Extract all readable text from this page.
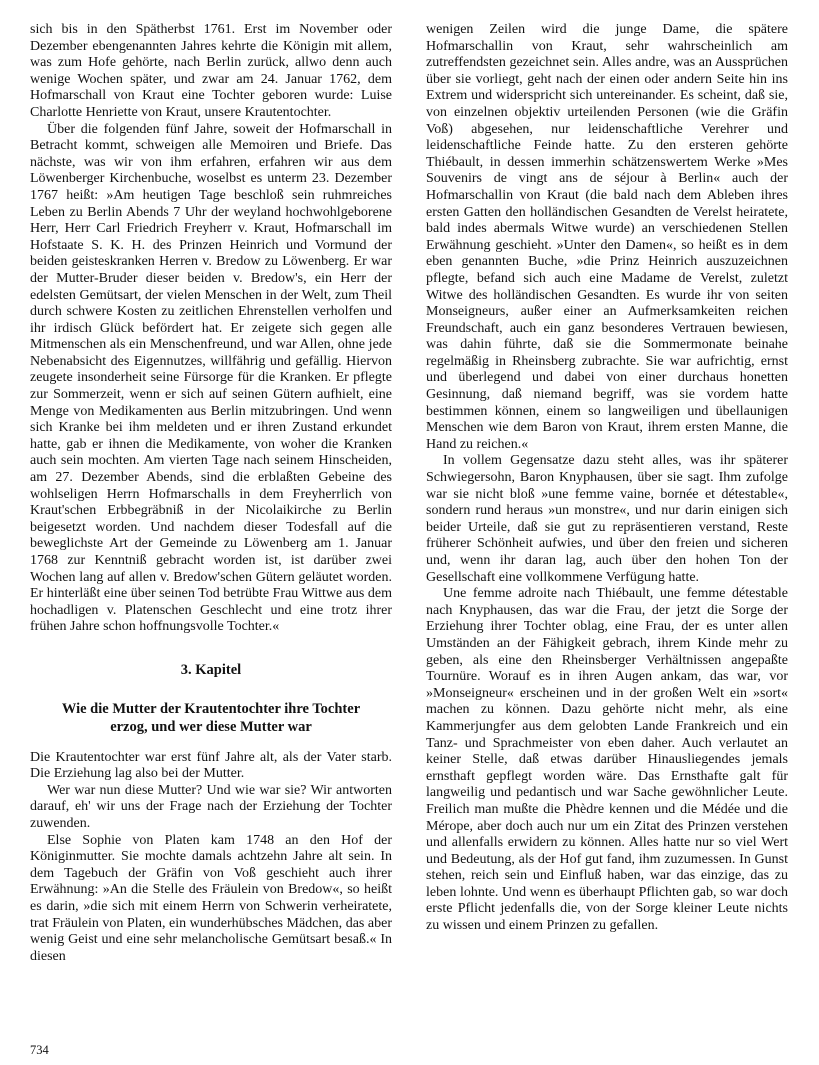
sich bis in den Spätherbst 1761. Erst im November oder Dezember ebengenannten Jahres kehrte die Königin mit allem, was zum Hofe gehörte, nach Berlin zurück, allwo denn auch wenige Wochen später, und zwar am 24. Januar 1762, dem Hofmarschall von Kraut eine Tochter geboren wurde: Luise Charlotte Henriette von Kraut, unsere Krautentochter.

Über die folgenden fünf Jahre, soweit der Hofmarschall in Betracht kommt, schweigen alle Memoiren und Briefe. Das nächste, was wir von ihm erfahren, erfahren wir aus dem Löwenberger Kirchenbuche, woselbst es unterm 23. Dezember 1767 heißt: »Am heutigen Tage beschloß sein ruhmreiches Leben zu Berlin Abends 7 Uhr der weyland hochwohlgeborene Herr, Herr Carl Friedrich Freyherr v. Kraut, Hofmarschall im Hofstaate S. K. H. des Prinzen Heinrich und Vormund der beiden geisteskranken Herren v. Bredow zu Löwenberg. Er war der Mutter-Bruder dieser beiden v. Bredow's, ein Herr der edelsten Gemütsart, der vielen Menschen in der Welt, zum Theil durch schwere Kosten zu zeitlichen Ehrenstellen verholfen und ihr irdisch Glück befördert hat. Er zeigete sich gegen alle Mitmenschen als ein Menschenfreund, und war Allen, ohne jede Nebenabsicht des Eigennutzes, willfährig und gefällig. Hiervon zeugete insonderheit seine Fürsorge für die Kranken. Er pflegte zur Sommerzeit, wenn er sich auf seinen Gütern aufhielt, eine Menge von Medikamenten aus Berlin mitzubringen. Und wenn sich Kranke bei ihm meldeten und er ihren Zustand erkundet hatte, gab er ihnen die Medikamente, von woher die Kranken auch sein mochten. Am vierten Tage nach seinem Hinscheiden, am 27. Dezember Abends, sind die erblaßten Gebeine des wohlseligen Herrn Hofmarschalls in dem Freyherrlich von Kraut'schen Erbbegräbniß in der Nicolaikirche zu Berlin beigesetzt worden. Und nachdem dieser Todesfall auf die beweglichste Art der Gemeinde zu Löwenberg am 1. Januar 1768 zur Kenntniß gebracht worden ist, ist darüber zwei Wochen lang auf allen v. Bredow'schen Gütern geläutet worden. Er hinterläßt eine über seinen Tod betrübte Frau Wittwe aus dem hochadligen v. Platenschen Geschlecht und eine trotz ihrer frühen Jahre schon hoffnungsvolle Tochter.«

3. Kapitel
Wie die Mutter der Krautentochter ihre Tochter erzog, und wer diese Mutter war

Die Krautentochter war erst fünf Jahre alt, als der Vater starb. Die Erziehung lag also bei der Mutter.

Wer war nun diese Mutter? Und wie war sie? Wir antworten darauf, eh' wir uns der Frage nach der Erziehung der Tochter zuwenden.

Else Sophie von Platen kam 1748 an den Hof der Königinmutter. Sie mochte damals achtzehn Jahre alt sein. In dem Tagebuch der Gräfin von Voß geschieht auch ihrer Erwähnung: »An die Stelle des Fräulein von Bredow«, so heißt es darin, »die sich mit einem Herrn von Schwerin verheiratete, trat Fräulein von Platen, ein wunderhübsches Mädchen, das aber wenig Geist und eine sehr melancholische Gemütsart besaß.« In diesen

wenigen Zeilen wird die junge Dame, die spätere Hofmarschallin von Kraut, sehr wahrscheinlich am zutreffendsten gezeichnet sein. Alles andre, was an Aussprüchen über sie vorliegt, geht nach der einen oder andern Seite hin ins Extrem und widerspricht sich untereinander. Es scheint, daß sie, von einzelnen objektiv urteilenden Personen (wie die Gräfin Voß) abgesehen, nur leidenschaftliche Verehrer und leidenschaftliche Feinde hatte. Zu den ersteren gehörte Thiébault, in dessen immerhin schätzenswertem Werke »Mes Souvenirs de vingt ans de séjour à Berlin« auch der Hofmarschallin von Kraut (die bald nach dem Ableben ihres ersten Gatten den holländischen Gesandten de Verelst heiratete, bald indes abermals Witwe wurde) an verschiedenen Stellen Erwähnung geschieht. »Unter den Damen«, so heißt es in dem eben genannten Buche, »die Prinz Heinrich auszuzeichnen pflegte, befand sich auch eine Madame de Verelst, zuletzt Witwe des holländischen Gesandten. Es wurde ihr von seiten Monseigneurs, außer einer an Aufmerksamkeiten reichen Freundschaft, auch ein ganz besonderes Vertrauen bewiesen, was dahin führte, daß sie die Sommermonate beinahe regelmäßig in Rheinsberg zubrachte. Sie war aufrichtig, ernst und überlegend und dabei von einer durchaus honetten Gesinnung, daß niemand begriff, was sie vordem hatte bestimmen können, einem so langweiligen und übellaunigen Menschen wie dem Baron von Kraut, ihrem ersten Manne, die Hand zu reichen.«

In vollem Gegensatze dazu steht alles, was ihr späterer Schwiegersohn, Baron Knyphausen, über sie sagt. Ihm zufolge war sie nicht bloß »une femme vaine, bornée et détestable«, sondern rund heraus »un monstre«, und nur darin einigen sich beider Urteile, daß sie gut zu repräsentieren verstand, Reste früherer Schönheit aufwies, und über den freien und sicheren und, wenn ihr daran lag, auch über den hohen Ton der Gesellschaft eine vollkommene Verfügung hatte.

Une femme adroite nach Thiébault, une femme détestable nach Knyphausen, das war die Frau, der jetzt die Sorge der Erziehung ihrer Tochter oblag, eine Frau, der es unter allen Umständen an der Fähigkeit gebrach, ihrem Kinde mehr zu geben, als eine den Rheinsberger Verhältnissen angepaßte Tournüre. Worauf es in ihren Augen ankam, das war, vor »Monseigneur« erscheinen und in der großen Welt ein »sort« machen zu können. Dazu gehörte nicht mehr, als eine Kammerjungfer aus dem gelobten Lande Frankreich und ein Tanz- und Sprachmeister von eben daher. Auch verlautet an keiner Stelle, daß etwas darüber Hinausliegendes jemals ernsthaft gepflegt worden wäre. Das Ernsthafte galt für langweilig und pedantisch und war Sache gewöhnlicher Leute. Freilich man mußte die Phèdre kennen und die Médée und die Mérope, aber doch auch nur um ein Zitat des Prinzen verstehen und allenfalls erwidern zu können. Alles hatte nur so viel Wert und Bedeutung, als der Hof gut fand, ihm zuzumessen. In Gunst stehen, reich sein und Einfluß haben, war das einzige, das zu leben lohnte. Und wenn es überhaupt Pflichten gab, so war doch erste Pflicht jedenfalls die, von der Sorge kleiner Leute nichts zu wissen und einem Prinzen zu gefallen.

734
